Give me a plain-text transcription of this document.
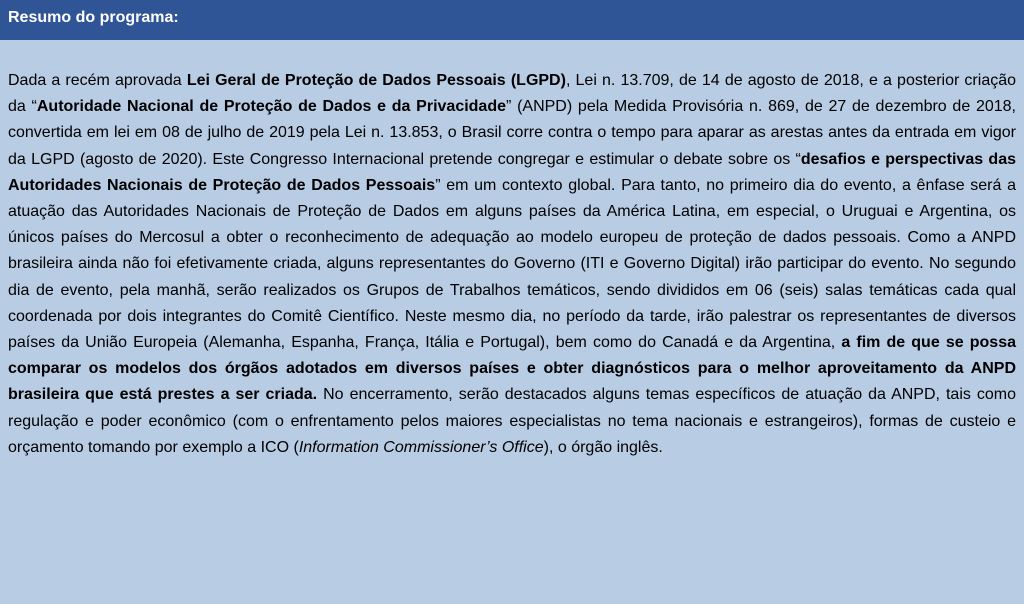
Resumo do programa:

Dada a recém aprovada Lei Geral de Proteção de Dados Pessoais (LGPD), Lei n. 13.709, de 14 de agosto de 2018, e a posterior criação da “Autoridade Nacional de Proteção de Dados e da Privacidade” (ANPD) pela Medida Provisória n. 869, de 27 de dezembro de 2018, convertida em lei em 08 de julho de 2019 pela Lei n. 13.853, o Brasil corre contra o tempo para aparar as arestas antes da entrada em vigor da LGPD (agosto de 2020). Este Congresso Internacional pretende congregar e estimular o debate sobre os “desafios e perspectivas das Autoridades Nacionais de Proteção de Dados Pessoais” em um contexto global. Para tanto, no primeiro dia do evento, a ênfase será a atuação das Autoridades Nacionais de Proteção de Dados em alguns países da América Latina, em especial, o Uruguai e Argentina, os únicos países do Mercosul a obter o reconhecimento de adequação ao modelo europeu de proteção de dados pessoais. Como a ANPD brasileira ainda não foi efetivamente criada, alguns representantes do Governo (ITI e Governo Digital) irão participar do evento. No segundo dia de evento, pela manhã, serão realizados os Grupos de Trabalhos temáticos, sendo divididos em 06 (seis) salas temáticas cada qual coordenada por dois integrantes do Comitê Científico. Neste mesmo dia, no período da tarde, irão palestrar os representantes de diversos países da União Europeia (Alemanha, Espanha, França, Itália e Portugal), bem como do Canadá e da Argentina, a fim de que se possa comparar os modelos dos órgãos adotados em diversos países e obter diagnósticos para o melhor aproveitamento da ANPD brasileira que está prestes a ser criada. No encerramento, serão destacados alguns temas específicos de atuação da ANPD, tais como regulação e poder econômico (com o enfrentamento pelos maiores especialistas no tema nacionais e estrangeiros), formas de custeio e orçamento tomando por exemplo a ICO (Information Commissioner’s Office), o órgão inglês.
